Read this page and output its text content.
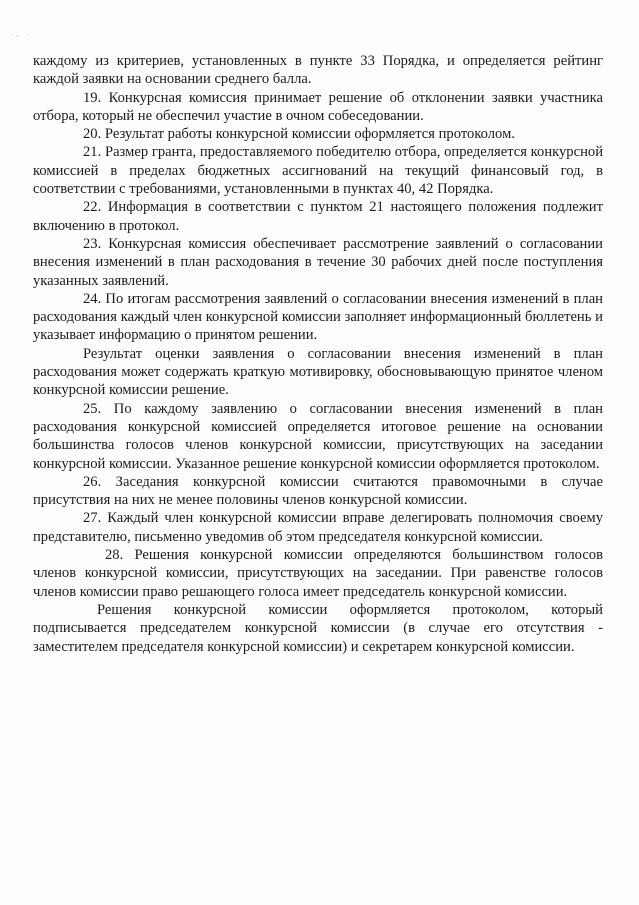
˙' ˙

каждому из критериев, установленных в пункте 33 Порядка, и определяется рейтинг каждой заявки на основании среднего балла.

19. Конкурсная комиссия принимает решение об отклонении заявки участника отбора, который не обеспечил участие в очном собеседовании.

20. Результат работы конкурсной комиссии оформляется протоколом.

21. Размер гранта, предоставляемого победителю отбора, определяется конкурсной комиссией в пределах бюджетных ассигнований на текущий финансовый год, в соответствии с требованиями, установленными в пунктах 40, 42 Порядка.

22. Информация в соответствии с пунктом 21 настоящего положения подлежит включению в протокол.

23. Конкурсная комиссия обеспечивает рассмотрение заявлений о согласовании внесения изменений в план расходования в течение 30 рабочих дней после поступления указанных заявлений.

24. По итогам рассмотрения заявлений о согласовании внесения изменений в план расходования каждый член конкурсной комиссии заполняет информационный бюллетень и указывает информацию о принятом решении.

Результат оценки заявления о согласовании внесения изменений в план расходования может содержать краткую мотивировку, обосновывающую принятое членом конкурсной комиссии решение.

25. По каждому заявлению о согласовании внесения изменений в план расходования конкурсной комиссией определяется итоговое решение на основании большинства голосов членов конкурсной комиссии, присутствующих на заседании конкурсной комиссии. Указанное решение конкурсной комиссии оформляется протоколом.

26. Заседания конкурсной комиссии считаются правомочными в случае присутствия на них не менее половины членов конкурсной комиссии.

27. Каждый член конкурсной комиссии вправе делегировать полномочия своему представителю, письменно уведомив об этом председателя конкурсной комиссии.

28. Решения конкурсной комиссии определяются большинством голосов членов конкурсной комиссии, присутствующих на заседании. При равенстве голосов членов комиссии право решающего голоса имеет председатель конкурсной комиссии.

Решения конкурсной комиссии оформляется протоколом, который подписывается председателем конкурсной комиссии (в случае его отсутствия - заместителем председателя конкурсной комиссии) и секретарем конкурсной комиссии.
